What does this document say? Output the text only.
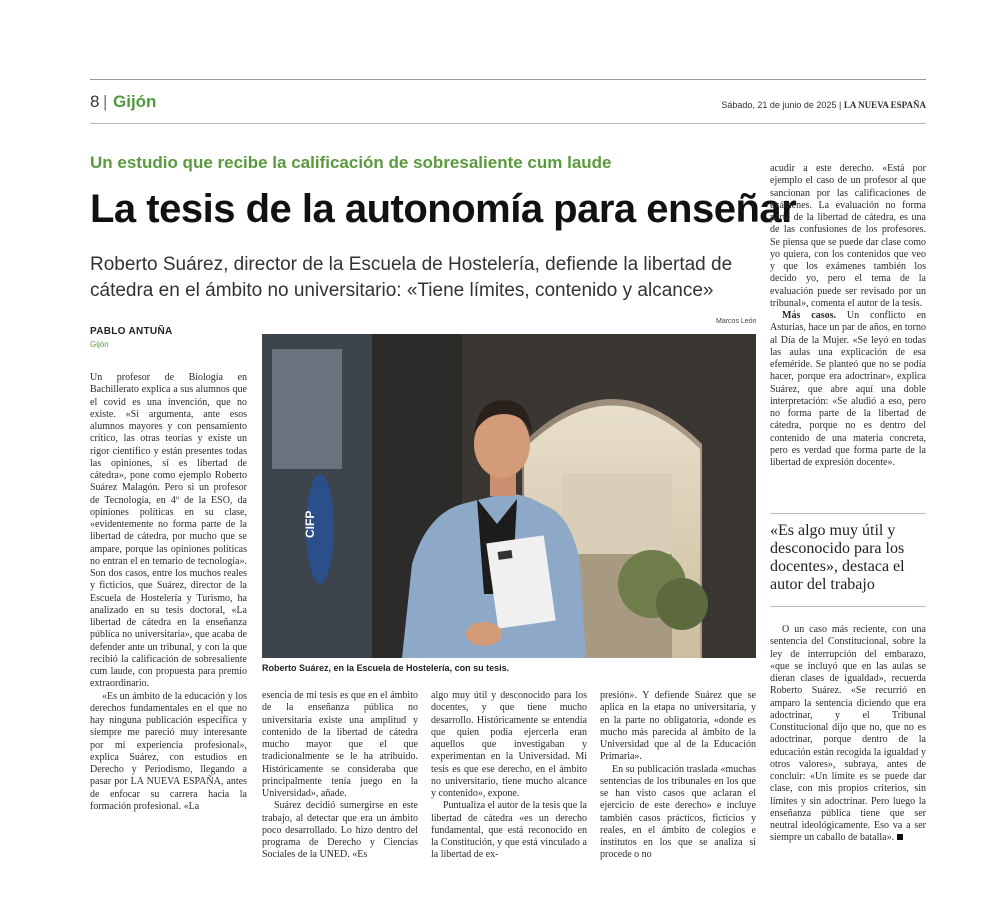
8 | Gijón	Sábado, 21 de junio de 2025 | LA NUEVA ESPAÑA
Un estudio que recibe la calificación de sobresaliente cum laude
La tesis de la autonomía para enseñar
Roberto Suárez, director de la Escuela de Hostelería, defiende la libertad de cátedra en el ámbito no universitario: «Tiene límites, contenido y alcance»
Marcos León
PABLO ANTUÑA
Gijón
CIFP
Roberto Suárez, en la Escuela de Hostelería, con su tesis.

Un profesor de Biología en Bachillerato explica a sus alumnos que el covid es una invención, que no existe. «Si argumenta, ante esos alumnos mayores y con pensamiento crítico, las otras teorías y existe un rigor científico y están presentes todas las opiniones, sí es libertad de cátedra», pone como ejemplo Roberto Suárez Malagón. Pero si un profesor de Tecnología, en 4º de la ESO, da opiniones políticas en su clase, «evidentemente no forma parte de la libertad de cátedra, por mucho que se ampare, porque las opiniones políticas no entran el en temario de tecnología». Son dos casos, entre los muchos reales y ficticios, que Suárez, director de la Escuela de Hostelería y Turismo, ha analizado en su tesis doctoral, «La libertad de cátedra en la enseñanza pública no universitaria», que acaba de defender ante un tribunal, y con la que recibió la calificación de sobresaliente cum laude, con propuesta para premio extraordinario.

«Es un ámbito de la educación y los derechos fundamentales en el que no hay ninguna publicación específica y siempre me pareció muy interesante por mi experiencia profesional», explica Suárez, con estudios en Derecho y Periodismo, llegando a pasar por LA NUEVA ESPAÑA, antes de enfocar su carrera hacia la formación profesional. «La

esencia de mi tesis es que en el ámbito de la enseñanza pública no universitaria existe una amplitud y contenido de la libertad de cátedra mucho mayor que el que tradicionalmente se le ha atribuido. Históricamente se consideraba que principalmente tenía juego en la Universidad», añade.

Suárez decidió sumergirse en este trabajo, al detectar que era un ámbito poco desarrollado. Lo hizo dentro del programa de Derecho y Ciencias Sociales de la UNED. «Es

algo muy útil y desconocido para los docentes, y que tiene mucho desarrollo. Históricamente se entendía que quien podía ejercerla eran aquellos que investigaban y experimentan en la Universidad. Mi tesis es que ese derecho, en el ámbito no universitario, tiene mucho alcance y contenido», expone.

Puntualiza el autor de la tesis que la libertad de cátedra «es un derecho fundamental, que está reconocido en la Constitución, y que está vinculado a la libertad de ex-

presión». Y defiende Suárez que se aplica en la etapa no universitaria, y en la parte no obligatoria, «donde es mucho más parecida al ámbito de la Universidad que al de la Educación Primaria».

En su publicación traslada «muchas sentencias de los tribunales en los que se han visto casos que aclaran el ejercicio de este derecho» e incluye también casos prácticos, ficticios y reales, en el ámbito de colegios e institutos en los que se analiza si procede o no

acudir a este derecho. «Está por ejemplo el caso de un profesor al que sancionan por las calificaciones de exámenes. La evaluación no forma parte de la libertad de cátedra, es una de las confusiones de los profesores. Se piensa que se puede dar clase como yo quiera, con los contenidos que veo y que los exámenes también los decido yo, pero el tema de la evaluación puede ser revisado por un tribunal», comenta el autor de la tesis.

Más casos. Un conflicto en Asturias, hace un par de años, en torno al Día de la Mujer. «Se leyó en todas las aulas una explicación de esa efeméride. Se planteó que no se podía hacer, porque era adoctrinar», explica Suárez, que abre aquí una doble interpretación: «Se aludió a eso, pero no forma parte de la libertad de cátedra, porque no es dentro del contenido de una materia concreta, pero es verdad que forma parte de la libertad de expresión docente».

«Es algo muy útil y desconocido para los docentes», destaca el autor del trabajo

O un caso más reciente, con una sentencia del Constitucional, sobre la ley de interrupción del embarazo, «que se incluyó que en las aulas se dieran clases de igualdad», recuerda Roberto Suárez. «Se recurrió en amparo la sentencia diciendo que era adoctrinar, y el Tribunal Constitucional dijo que no, que no es adoctrinar, porque dentro de la educación están recogida la igualdad y otros valores», subraya, antes de concluir: «Un límite es se puede dar clase, con mis propios criterios, sin límites y sin adoctrinar. Pero luego la enseñanza pública tiene que ser neutral ideológicamente. Eso va a ser siempre un caballo de batalla».
